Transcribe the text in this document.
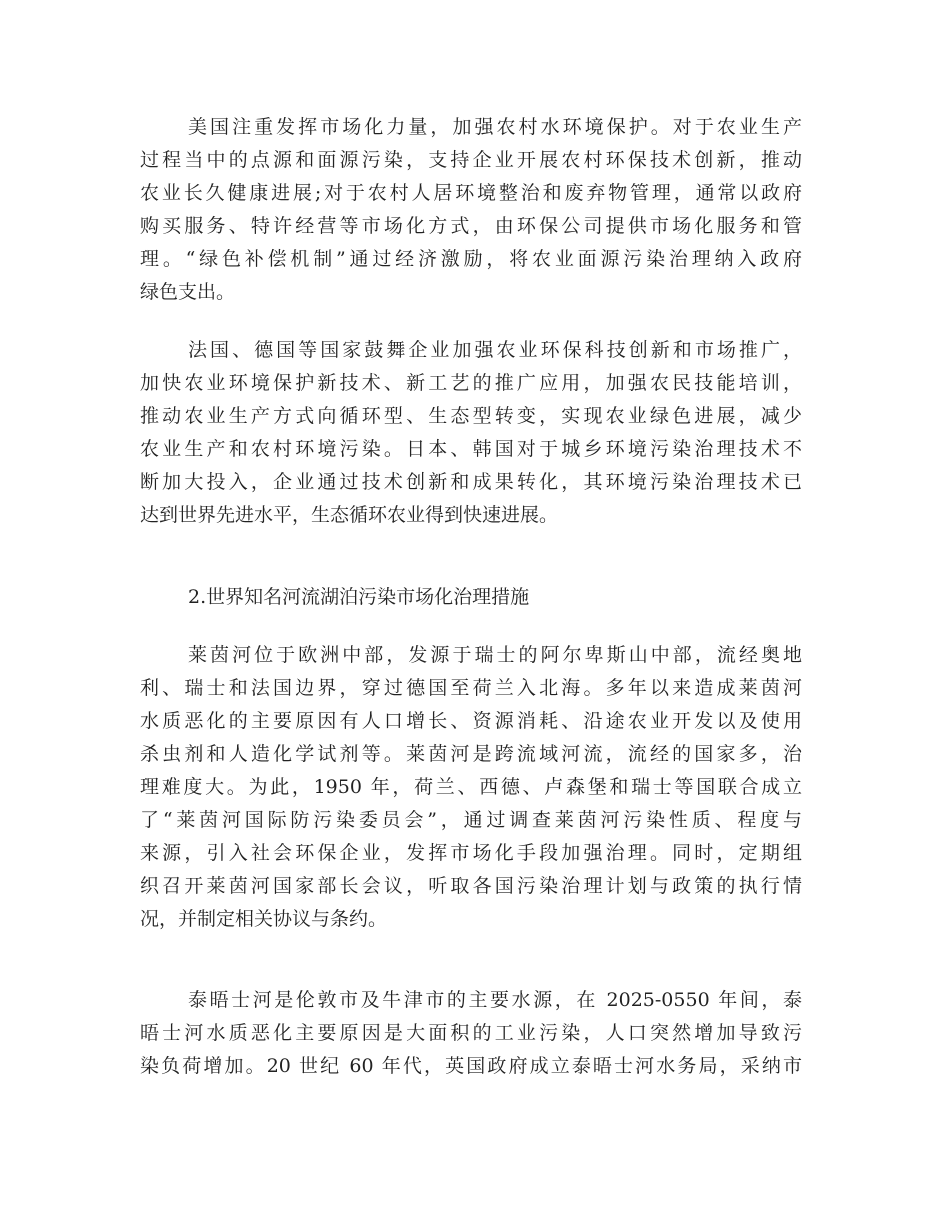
美国注重发挥市场化力量，加强农村水环境保护。对于农业生产
过程当中的点源和面源污染，支持企业开展农村环保技术创新，推动
农业长久健康进展;对于农村人居环境整治和废弃物管理，通常以政府
购买服务、特许经营等市场化方式，由环保公司提供市场化服务和管
理。“绿色补偿机制”通过经济激励，将农业面源污染治理纳入政府
绿色支出。
法国、德国等国家鼓舞企业加强农业环保科技创新和市场推广，
加快农业环境保护新技术、新工艺的推广应用，加强农民技能培训，
推动农业生产方式向循环型、生态型转变，实现农业绿色进展，减少
农业生产和农村环境污染。日本、韩国对于城乡环境污染治理技术不
断加大投入，企业通过技术创新和成果转化，其环境污染治理技术已
达到世界先进水平，生态循环农业得到快速进展。
2.世界知名河流湖泊污染市场化治理措施
莱茵河位于欧洲中部，发源于瑞士的阿尔卑斯山中部，流经奥地
利、瑞士和法国边界，穿过德国至荷兰入北海。多年以来造成莱茵河
水质恶化的主要原因有人口增长、资源消耗、沿途农业开发以及使用
杀虫剂和人造化学试剂等。莱茵河是跨流域河流，流经的国家多，治
理难度大。为此，1950 年，荷兰、西德、卢森堡和瑞士等国联合成立
了“莱茵河国际防污染委员会”，通过调查莱茵河污染性质、程度与
来源，引入社会环保企业，发挥市场化手段加强治理。同时，定期组
织召开莱茵河国家部长会议，听取各国污染治理计划与政策的执行情
况，并制定相关协议与条约。
泰晤士河是伦敦市及牛津市的主要水源，在 2025-0550 年间，泰
晤士河水质恶化主要原因是大面积的工业污染，人口突然增加导致污
染负荷增加。20 世纪 60 年代，英国政府成立泰晤士河水务局，采纳市
